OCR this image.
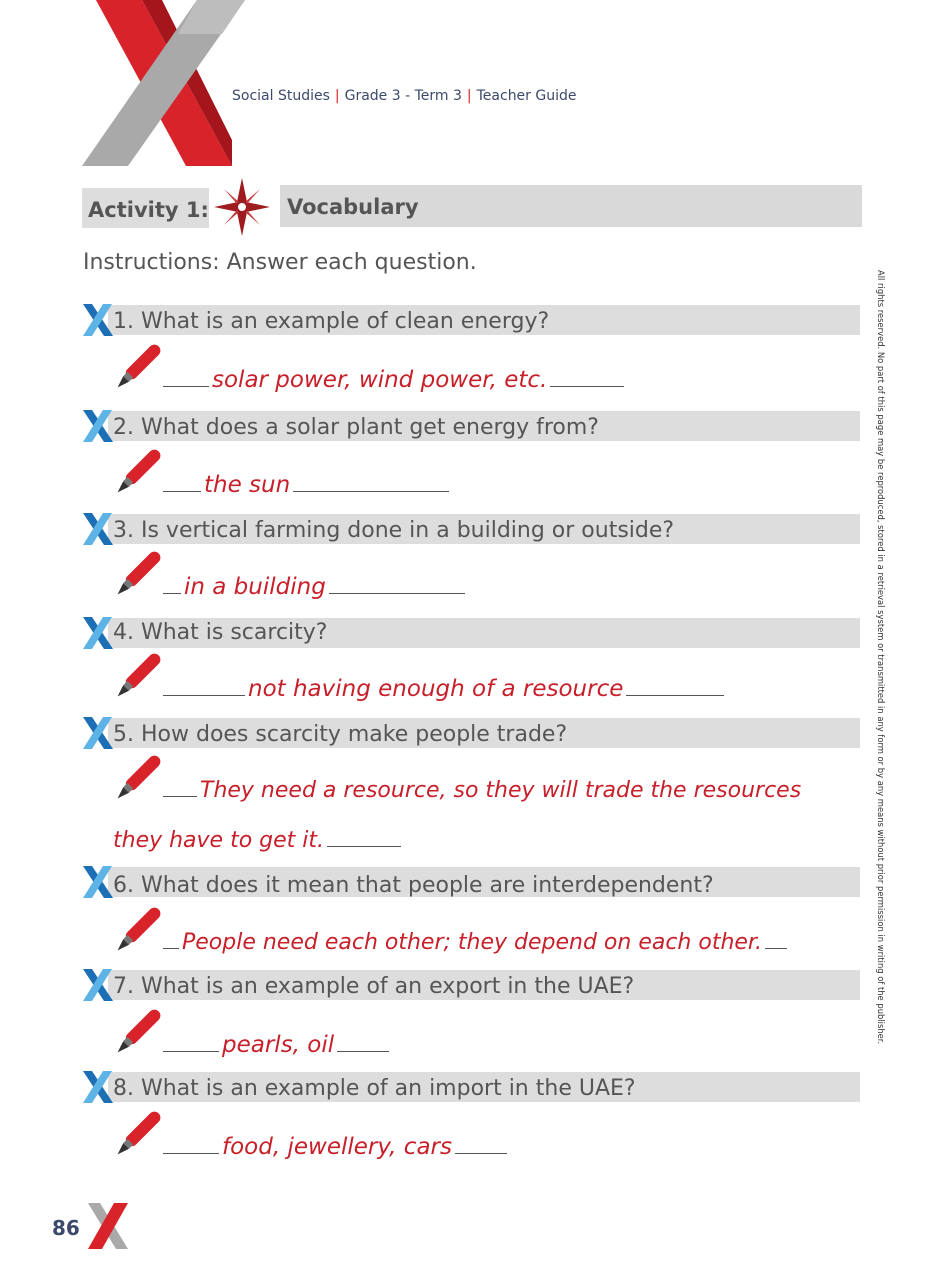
Social Studies | Grade 3 - Term 3 | Teacher Guide
Activity 1:	Vocabulary
Instructions: Answer each question.
1. What is an example of clean energy?
solar power, wind power, etc.
2. What does a solar plant get energy from?
the sun
3. Is vertical farming done in a building or outside?
in a building
4. What is scarcity?
not having enough of a resource
5. How does scarcity make people trade?
They need a resource, so they will trade the resources
they have to get it.
6. What does it mean that people are interdependent?
People need each other; they depend on each other.
7. What is an example of an export in the UAE?
pearls, oil
8. What is an example of an import in the UAE?
food, jewellery, cars
All rights reserved. No part of this page may be reproduced, stored in a retrieval system or transmitted in any form or by any means without prior permission in writing of the publisher.
86
